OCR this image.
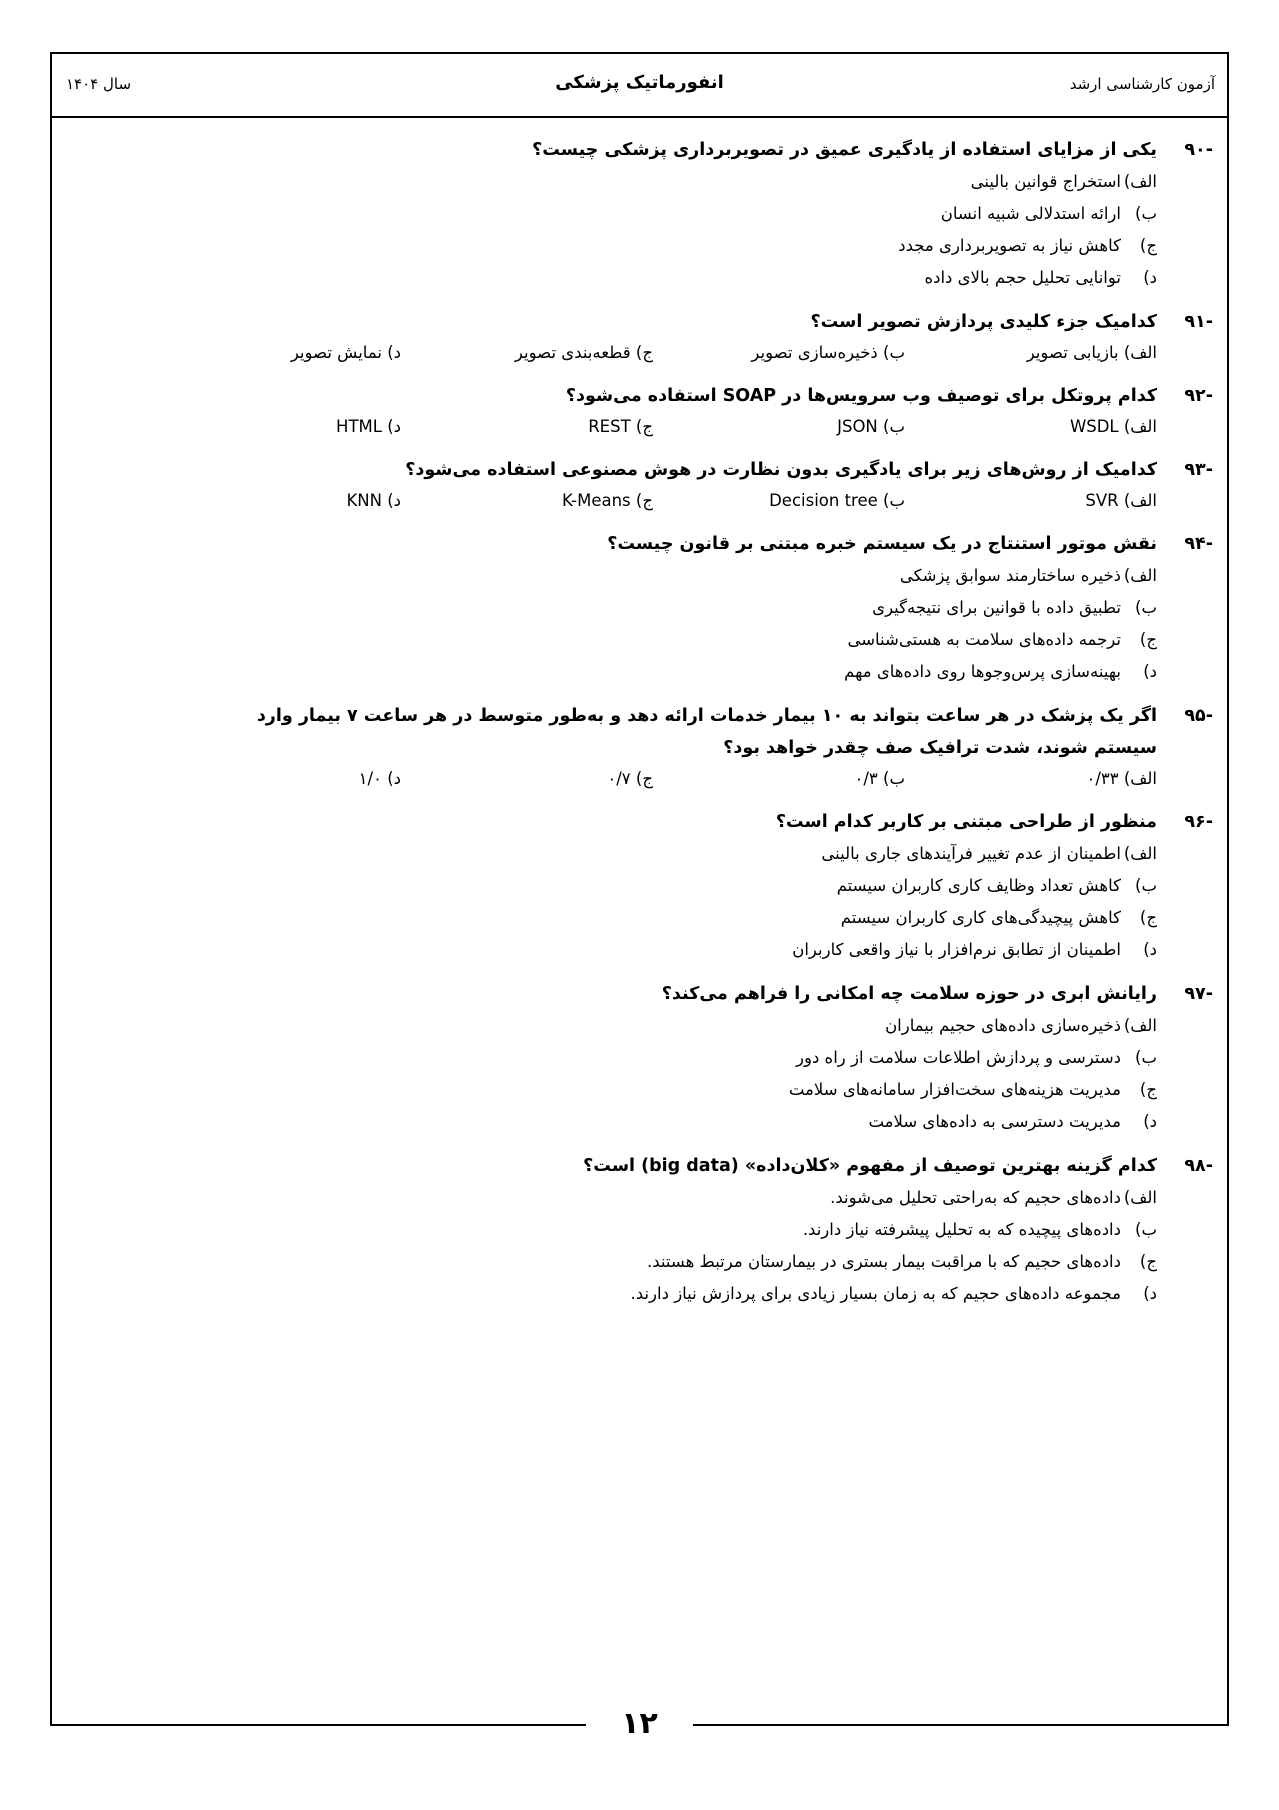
آزمون کارشناسی ارشد
انفورماتیک پزشکی
سال ۱۴۰۴
-۹۰
یکی از مزایای استفاده از یادگیری عمیق در تصویربرداری پزشکی چیست؟
الف)
استخراج قوانین بالینی
ب)
ارائه استدلالی شبیه انسان
ج)
کاهش نیاز به تصویربرداری مجدد
د)
توانایی تحلیل حجم بالای داده
-۹۱
کدامیک جزء کلیدی پردازش تصویر است؟
الف) بازیابی تصویر
ب) ذخیره‌سازی تصویر
ج) قطعه‌بندی تصویر
د) نمایش تصویر
-۹۲
کدام پروتکل برای توصیف وب سرویس‌ها در SOAP استفاده می‌شود؟
الف) WSDL
ب) JSON
ج) REST
د) HTML
-۹۳
کدامیک از روش‌های زیر برای یادگیری بدون نظارت در هوش مصنوعی استفاده می‌شود؟
الف) SVR
ب) Decision tree
ج) K-Means
د) KNN
-۹۴
نقش موتور استنتاج در یک سیستم خبره مبتنی بر قانون چیست؟
الف)
ذخیره ساختارمند سوابق پزشکی
ب)
تطبیق داده با قوانین برای نتیجه‌گیری
ج)
ترجمه داده‌های سلامت به هستی‌شناسی
د)
بهینه‌سازی پرس‌وجوها روی داده‌های مهم
-۹۵
اگر یک پزشک در هر ساعت بتواند به ۱۰ بیمار خدمات ارائه دهد و به‌طور متوسط در هر ساعت ۷ بیمار وارد
سیستم شوند، شدت ترافیک صف چقدر خواهد بود؟
الف) ۰/۳۳
ب) ۰/۳
ج) ۰/۷
د) ۱/۰
-۹۶
منظور از طراحی مبتنی بر کاربر کدام است؟
الف)
اطمینان از عدم تغییر فرآیندهای جاری بالینی
ب)
کاهش تعداد وظایف کاری کاربران سیستم
ج)
کاهش پیچیدگی‌های کاری کاربران سیستم
د)
اطمینان از تطابق نرم‌افزار با نیاز واقعی کاربران
-۹۷
رایانش ابری در حوزه سلامت چه امکانی را فراهم می‌کند؟
الف)
ذخیره‌سازی داده‌های حجیم بیماران
ب)
دسترسی و پردازش اطلاعات سلامت از راه دور
ج)
مدیریت هزینه‌های سخت‌افزار سامانه‌های سلامت
د)
مدیریت دسترسی به داده‌های سلامت
-۹۸
کدام گزینه بهترین توصیف از مفهوم «کلان‌داده» (big data) است؟
الف)
داده‌های حجیم که به‌راحتی تحلیل می‌شوند.
ب)
داده‌های پیچیده که به تحلیل پیشرفته نیاز دارند.
ج)
داده‌های حجیم که با مراقبت بیمار بستری در بیمارستان مرتبط هستند.
د)
مجموعه داده‌های حجیم که به زمان بسیار زیادی برای پردازش نیاز دارند.
۱۲
